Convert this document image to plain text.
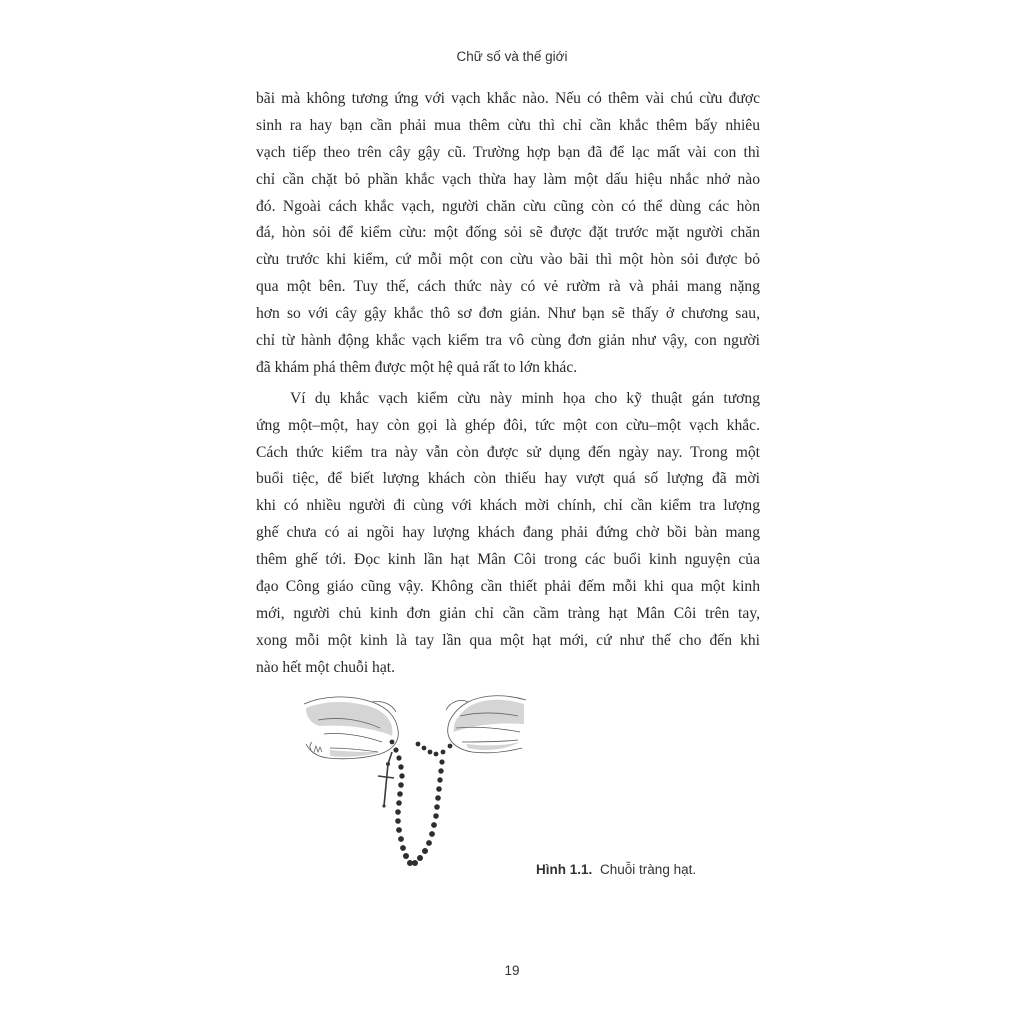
Chữ số và thế giới
bãi mà không tương ứng với vạch khắc nào. Nếu có thêm vài chú cừu được
sinh ra hay bạn cần phải mua thêm cừu thì chỉ cần khắc thêm bấy nhiêu
vạch tiếp theo trên cây gậy cũ. Trường hợp bạn đã để lạc mất vài con thì
chỉ cần chặt bỏ phần khắc vạch thừa hay làm một dấu hiệu nhắc nhở nào
đó. Ngoài cách khắc vạch, người chăn cừu cũng còn có thể dùng các hòn
đá, hòn sỏi để kiểm cừu: một đống sỏi sẽ được đặt trước mặt người chăn
cừu trước khi kiểm, cứ mỗi một con cừu vào bãi thì một hòn sỏi được bỏ
qua một bên. Tuy thế, cách thức này có vẻ rườm rà và phải mang nặng
hơn so với cây gậy khắc thô sơ đơn giản. Như bạn sẽ thấy ở chương sau,
chỉ từ hành động khắc vạch kiểm tra vô cùng đơn giản như vậy, con người
đã khám phá thêm được một hệ quả rất to lớn khác.
Ví dụ khắc vạch kiểm cừu này minh họa cho kỹ thuật gán tương
ứng một–một, hay còn gọi là ghép đôi, tức một con cừu–một vạch khắc.
Cách thức kiểm tra này vẫn còn được sử dụng đến ngày nay. Trong một
buổi tiệc, để biết lượng khách còn thiếu hay vượt quá số lượng đã mời
khi có nhiều người đi cùng với khách mời chính, chỉ cần kiểm tra lượng
ghế chưa có ai ngồi hay lượng khách đang phải đứng chờ bồi bàn mang
thêm ghế tới. Đọc kinh lần hạt Mân Côi trong các buổi kinh nguyện của
đạo Công giáo cũng vậy. Không cần thiết phải đếm mỗi khi qua một kinh
mới, người chủ kinh đơn giản chỉ cần cầm tràng hạt Mân Côi trên tay,
xong mỗi một kinh là tay lần qua một hạt mới, cứ như thế cho đến khi
nào hết một chuỗi hạt.
Hình 1.1. Chuỗi tràng hạt.
19
